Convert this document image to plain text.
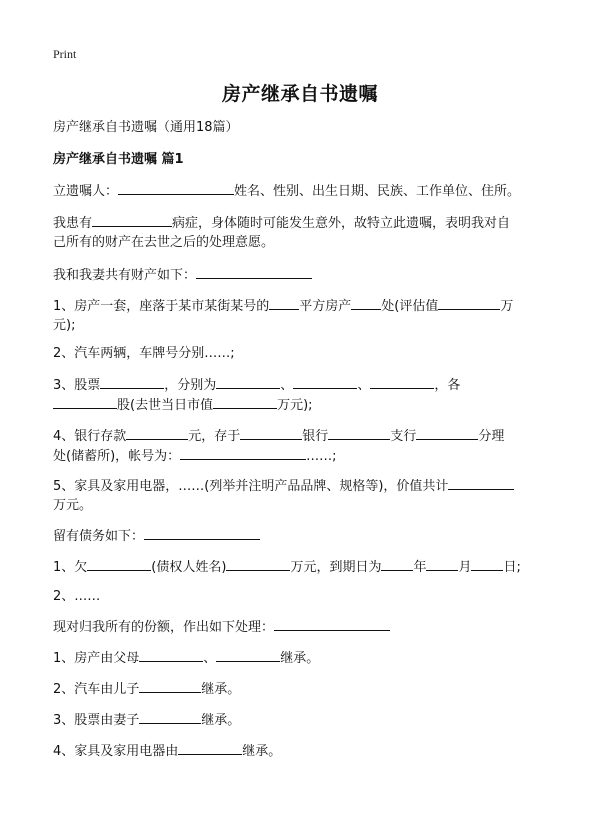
Print
房产继承自书遗嘱
房产继承自书遗嘱（通用18篇）
房产继承自书遗嘱 篇1
立遗嘱人：	姓名、性别、出生日期、民族、工作单位、住所。
我患有	病症，身体随时可能发生意外，故特立此遗嘱，表明我对自
己所有的财产在去世之后的处理意愿。
我和我妻共有财产如下：
1、房产一套，座落于某市某街某号的 平方房产 处(评估值	万
元);
2、汽车两辆，车牌号分别……;
3、股票	，分别为	、	、	，各
股(去世当日市值	万元);
4、银行存款	元，存于	银行	支行	分理
处(储蓄所)，帐号为：	……;
5、家具及家用电器，……(列举并注明产品品牌、规格等)，价值共计
万元。
留有债务如下：
1、欠	(债权人姓名)	万元，到期日为 年 月 日;
2、……
现对归我所有的份额，作出如下处理：
1、房产由父母	、	继承。
2、汽车由儿子	继承。
3、股票由妻子	继承。
4、家具及家用电器由	继承。
